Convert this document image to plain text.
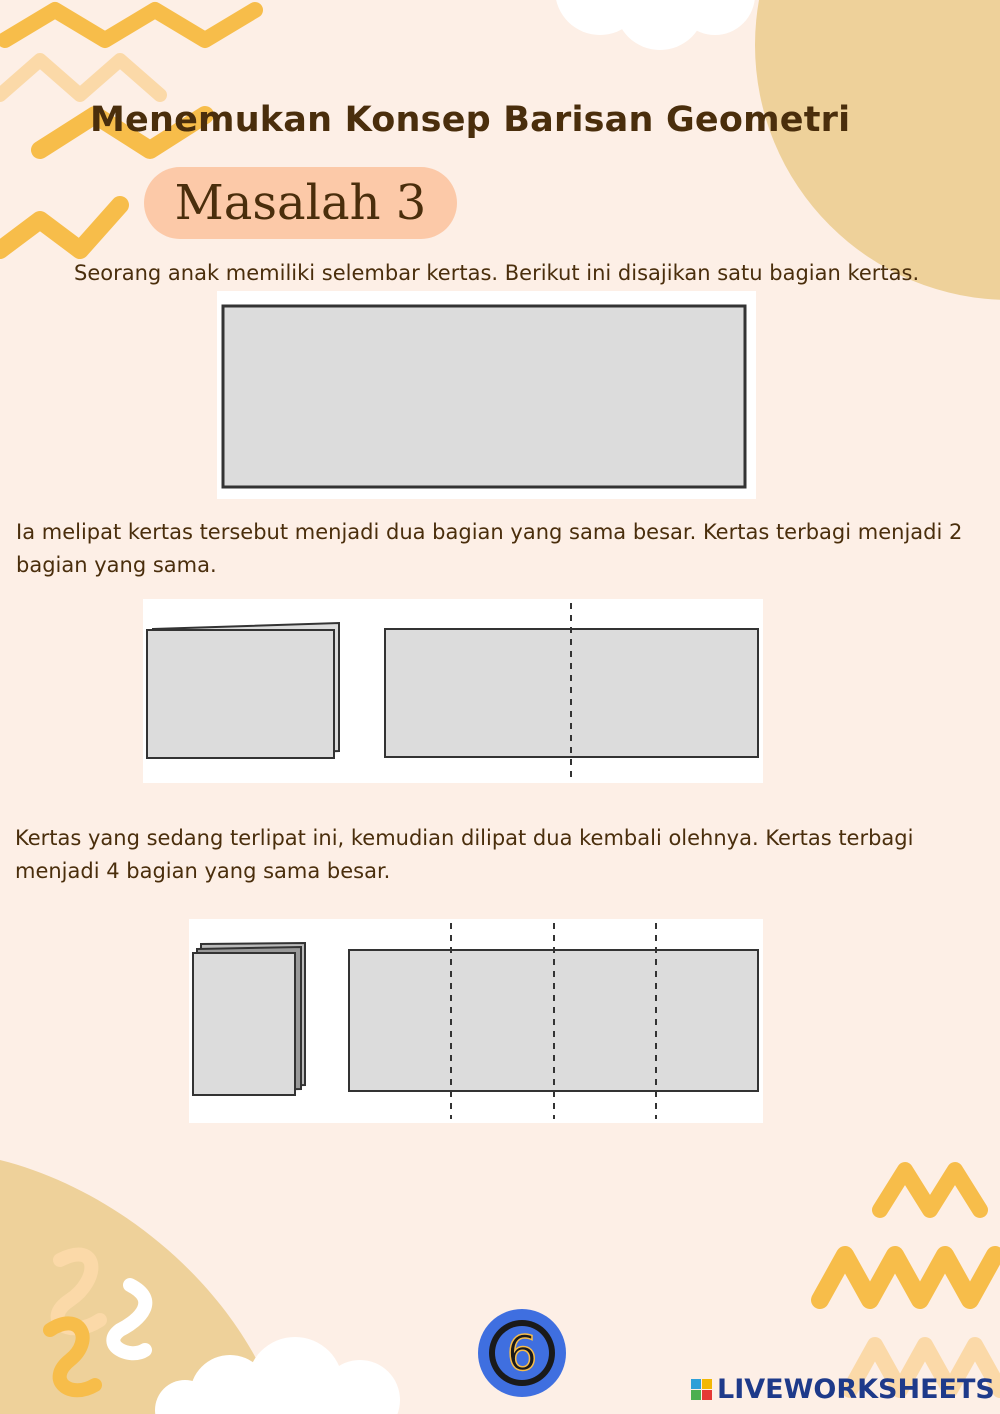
Menemukan Konsep Barisan Geometri
Masalah 3
Seorang anak memiliki selembar kertas. Berikut ini disajikan satu bagian kertas.
Ia melipat kertas tersebut menjadi dua bagian yang sama besar. Kertas terbagi menjadi 2
bagian yang sama.
Kertas yang sedang terlipat ini, kemudian dilipat dua kembali olehnya. Kertas terbagi
menjadi 4 bagian yang sama besar.
6
LIVEWORKSHEETS
